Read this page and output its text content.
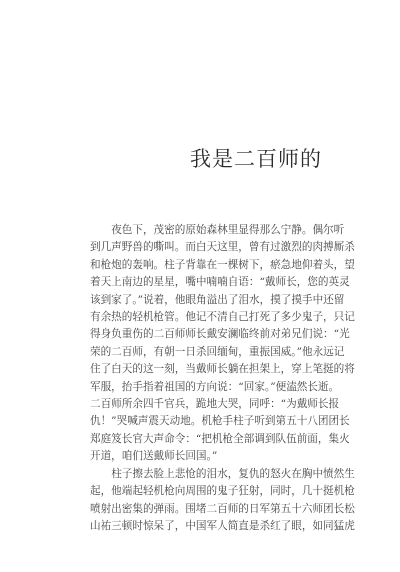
我是二百师的

夜色下，茂密的原始森林里显得那么宁静。偶尔听
到几声野兽的嘶叫。而白天这里，曾有过激烈的肉搏厮杀
和枪炮的轰响。柱子背靠在一棵树下，瘀急地仰着头，望
着天上南边的星星，嘴中喃喃自语：“戴师长，您的英灵
该到家了。”说着，他眼角溢出了泪水，摸了摸手中还留
有余热的轻机枪管。他记不清自己打死了多少鬼子，只记
得身负重伤的二百师师长戴安澜临终前对弟兄们说：“光
荣的二百师，有朝一日杀回缅甸，重振国威。”他永远记
住了白天的这一刻，当戴师长躺在担架上，穿上笔挺的将
军服，抬手指着祖国的方向说：“回家。”便溘然长逝。
二百师所余四千官兵，跪地大哭，同呼：“为戴师长报
仇！”哭喊声震天动地。机枪手柱子听到第五十八团团长
郑庭笈长官大声命令：“把机枪全部调到队伍前面，集火
开道，咱们送戴师长回国。”

柱子擦去脸上悲怆的泪水，复仇的怒火在胸中愤然生
起，他端起轻机枪向周围的鬼子狂射，同时，几十挺机枪
喷射出密集的弹雨。围堵二百师的日军第五十六师团长松
山祐三顿时惊呆了，中国军人简直是杀红了眼，如同猛虎
